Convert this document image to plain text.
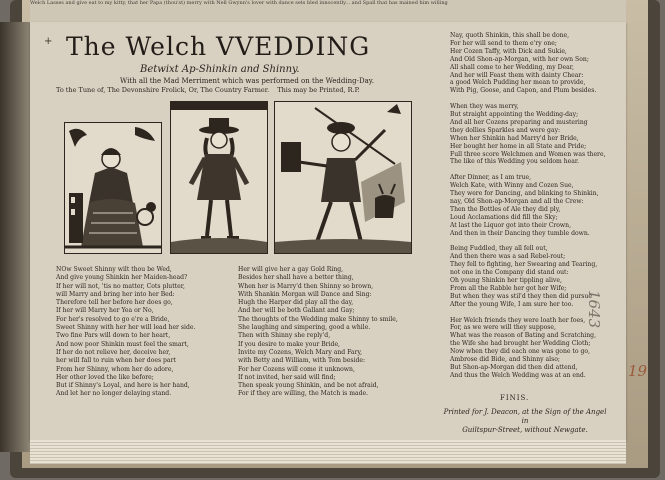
Welch Lasses and give eat to my kitty, that her Papa (thou'st) merry with Nell Gwynn's lover with dance sets bled innocently... and Spall that has mained him willing
+ The Welch VVEDDING
Betwixt Ap-Shinkin and Shinny.
With all the Mad Merriment which was performed on the Wedding-Day.
To the Tune of, The Devonshire Frolick, Or, The Country Farmer. This may be Printed, R.P.
NOw Sweet Shinny wilt thou be Wed,
And give young Shinkin her Maiden-head?
If her will not, 'tis no matter, Cots plutter,
will Marry and bring her into her Bed:
Therefore tell her before her does go,
If her will Marry her Yea or No,
For her's resolved to go e're a Bride,
Sweet Shinny with her her will lead her side.
Two fine Pars will down to her heart,
And now poor Shinkin must feel the smart,
If her do not relieve her, deceive her,
her will fall to ruin when her does part
From her Shinny, whom her do adore,
Her other loved the like before;
But if Shinny's Loyal, and here is her hand,
And let her no longer delaying stand.
Her will give her a gay Gold Ring,
Besides her shall have a better thing,
When her is Marry'd then Shinny so brown,
With Shankin Morgan will Dance and Sing:
Hugh the Harper did play all the day,
And her will be both Gallant and Gay;
The thoughts of the Wedding make Shinny to smile,
She laughing and simpering, good a while.
Then with Shinny she reply'd,
If you desire to make your Bride,
Invite my Cozens, Welch Mary and Fary,
with Betty and William, with Tom beside:
For her Cozens will come it unknown,
If not invited, her said will find;
Then speak young Shinkin, and be not afraid,
For if they are willing, the Match is made.
Nay, quoth Shinkin, this shall be done,
For her will send to them e'ry one;
Her Cozen Taffy, with Dick and Sukie,
And Old Shon-ap-Morgan, with her own Son;
All shall come to her Wedding, my Dear,
And her will Feast them with dainty Chear:
a good Welch Pudding her mean to provide,
With Pig, Goose, and Capon, and Plum besides.
When they was merry,
But straight appointing the Wedding-day;
And all her Cozens preparing and mustering
they dollies Sparkles and were gay:
When her Shinkin had Marry'd her Bride,
Her bought her home in all State and Pride;
Full three score Welchmen and Women was there,
The like of this Wedding you seldom hear.
After Dinner, as I am true,
Welch Kate, with Winny and Cozen Sue,
They were for Dancing, and blinking to Shinkin,
nay, Old Shon-ap-Morgan and all the Crew:
Then the Bottles of Ale they did ply,
Loud Acclamations did fill the Sky;
At last the Liquor got into their Crown,
And then in their Dancing they tumble down.
Being Fuddled, they all fell out,
And then there was a sad Rebel-rout;
They fell to fighting, her Swearing and Tearing,
not one in the Company did stand out:
Oh young Shinkin her tippling alive,
From all the Rabble her got her Wife;
But when they was stil'd they then did pursue
After the young Wife, I am sure her too.
Her Welch friends they were loath her foes,
For, as we were will they suppose,
What was the reason of Bating and Scratching,
the Wife she had brought her Wedding Cloth;
Now when they did each one was gone to go,
Ambrose did Bide, and Shinny also;
But Shon-ap-Morgan did then did attend,
And thus the Welch Wedding was at an end.
FINIS.
Printed for J. Deacon, at the Sign of the Angel in
Guiltspur-Street, without Newgate.
1643
19
